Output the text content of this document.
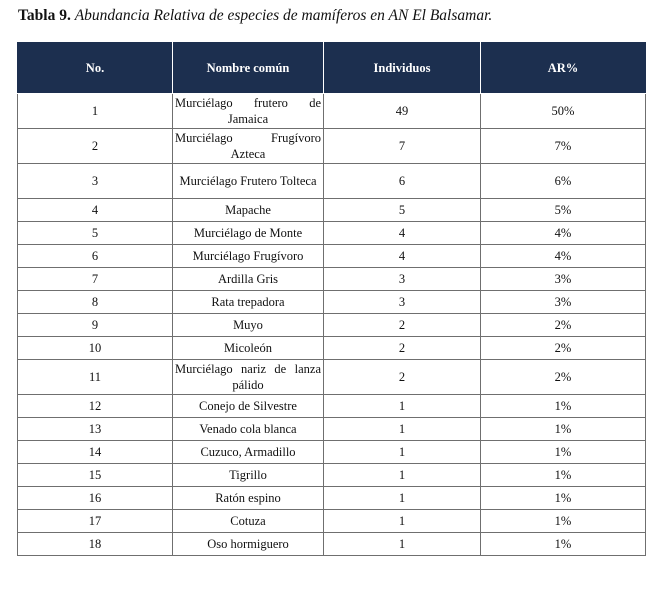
Tabla 9. Abundancia Relativa de especies de mamíferos en AN El Balsamar.
No.	Nombre común	Individuos	AR%
1	Murciélago frutero de Jamaica	49	50%
2	Murciélago Frugívoro Azteca	7	7%
3	Murciélago Frutero Tolteca	6	6%
4	Mapache	5	5%
5	Murciélago de Monte	4	4%
6	Murciélago Frugívoro	4	4%
7	Ardilla Gris	3	3%
8	Rata trepadora	3	3%
9	Muyo	2	2%
10	Micoleón	2	2%
11	Murciélago nariz de lanza pálido	2	2%
12	Conejo de Silvestre	1	1%
13	Venado cola blanca	1	1%
14	Cuzuco, Armadillo	1	1%
15	Tigrillo	1	1%
16	Ratón espino	1	1%
17	Cotuza	1	1%
18	Oso hormiguero	1	1%
